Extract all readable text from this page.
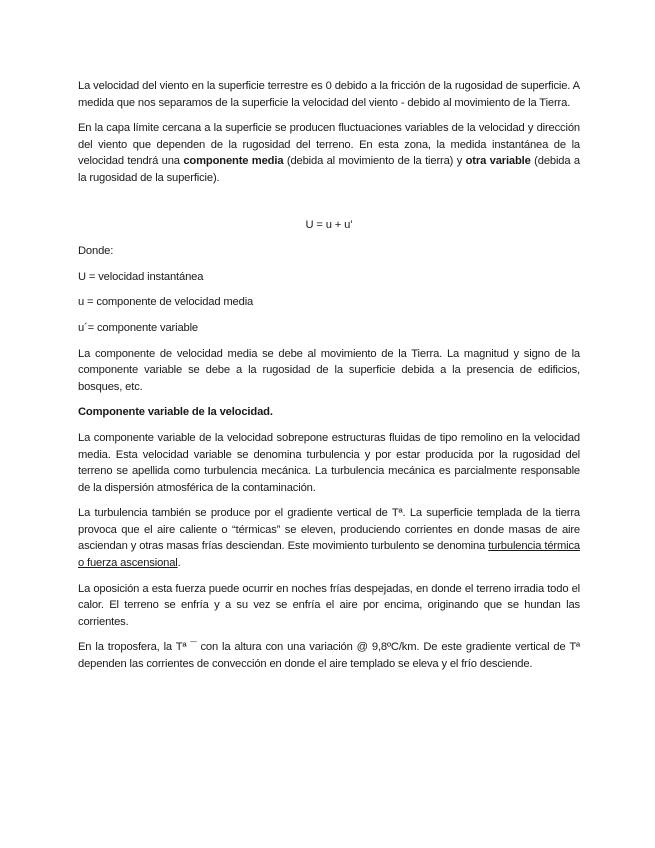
La velocidad del viento en la superficie terrestre es 0 debido a la fricción de la rugosidad de superficie. A medida que nos separamos de la superficie la velocidad del viento - debido al movimiento de la Tierra.

En la capa límite cercana a la superficie se producen fluctuaciones variables de la velocidad y dirección del viento que dependen de la rugosidad del terreno. En esta zona, la medida instantánea de la velocidad tendrá una componente media (debida al movimiento de la tierra) y otra variable (debida a la rugosidad de la superficie).

U = u + u’
Donde:
U = velocidad instantánea
u = componente de velocidad media
u´= componente variable

La componente de velocidad media se debe al movimiento de la Tierra. La magnitud y signo de la componente variable se debe a la rugosidad de la superficie debida a la presencia de edificios, bosques, etc.

Componente variable de la velocidad.

La componente variable de la velocidad sobrepone estructuras fluidas de tipo remolino en la velocidad media. Esta velocidad variable se denomina turbulencia y por estar producida por la rugosidad del terreno se apellida como turbulencia mecánica. La turbulencia mecánica es parcialmente responsable de la dispersión atmosférica de la contaminación.

La turbulencia también se produce por el gradiente vertical de Tª. La superficie templada de la tierra provoca que el aire caliente o “térmicas” se eleven, produciendo corrientes en donde masas de aire asciendan y otras masas frías desciendan. Este movimiento turbulento se denomina turbulencia térmica o fuerza ascensional.

La oposición a esta fuerza puede ocurrir en noches frías despejadas, en donde el terreno irradia todo el calor. El terreno se enfría y a su vez se enfría el aire por encima, originando que se hundan las corrientes.

En la troposfera, la Tª ¯ con la altura con una variación @ 9,8ºC/km. De este gradiente vertical de Tª dependen las corrientes de convección en donde el aire templado se eleva y el frío desciende.
